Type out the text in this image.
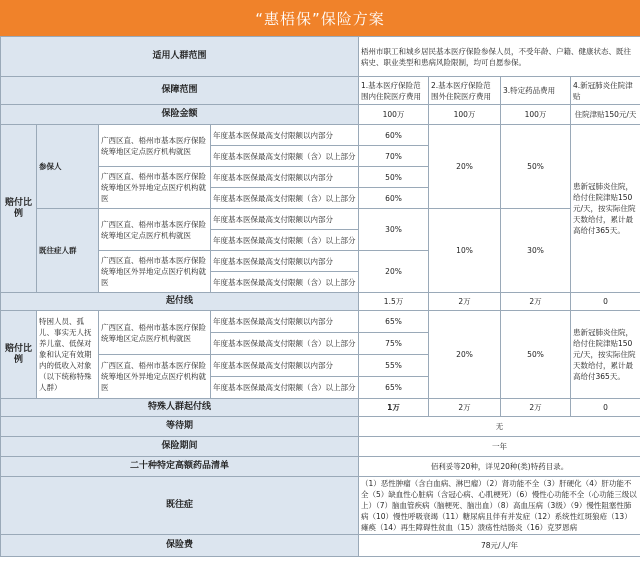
“惠梧保”保险方案
适用人群范围				梧州市职工和城乡居民基本医疗保险参保人员，不受年龄、户籍、健康状态、既往病史、职业类型和患病风险限制，均可自愿参保。			
保障范围				1.基本医疗保险范围内住院医疗费用	2.基本医疗保险范围外住院医疗费用	3.特定药品费用	4.新冠肺炎住院津贴
保险金额				100万	100万	100万	住院津贴150元/天
赔付比例	参保人	广西区直、梧州市基本医疗保险统筹地区定点医疗机构就医	年度基本医保最高支付限额以内部分	60%	20%	50%	患新冠肺炎住院，给付住院津贴150元/天，按实际住院天数给付，累计最高给付365天。
			年度基本医保最高支付限额（含）以上部分	70%			
		广西区直、梧州市基本医疗保险统筹地区外异地定点医疗机构就医	年度基本医保最高支付限额以内部分	50%			
			年度基本医保最高支付限额（含）以上部分	60%			
	既往症人群	广西区直、梧州市基本医疗保险统筹地区定点医疗机构就医	年度基本医保最高支付限额以内部分	30%	10%	30%	
			年度基本医保最高支付限额（含）以上部分				
		广西区直、梧州市基本医疗保险统筹地区外异地定点医疗机构就医	年度基本医保最高支付限额以内部分	20%			
			年度基本医保最高支付限额（含）以上部分				
起付线				1.5万	2万	2万	0
赔付比例	特困人员、孤儿、事实无人抚养儿童、低保对象和认定有效期内的低收入对象（以下统称特殊人群）	广西区直、梧州市基本医疗保险统筹地区定点医疗机构就医	年度基本医保最高支付限额以内部分	65%	20%	50%	患新冠肺炎住院，给付住院津贴150元/天，按实际住院天数给付，累计最高给付365天。
			年度基本医保最高支付限额（含）以上部分	75%			
		广西区直、梧州市基本医疗保险统筹地区外异地定点医疗机构就医	年度基本医保最高支付限额以内部分	55%			
			年度基本医保最高支付限额（含）以上部分	65%			
特殊人群起付线				1万	2万	2万	0
等待期				无			
保险期间				一年			
二十种特定高额药品清单				佰利妥等20种，详见20种(类)特药目录。			
既往症				（1）恶性肿瘤（含白血病、淋巴瘤）（2）肾功能不全（3）肝硬化（4）肝功能不全（5）缺血性心脏病（含冠心病、心肌梗死）（6）慢性心功能不全（心功能三级以上）（7）脑血管疾病（脑梗死、脑出血）（8）高血压病（3级）（9）慢性阻塞性肺病（10）慢性呼吸衰竭（11）糖尿病且伴有并发症（12）系统性红斑狼疮（13）瘫痪（14）再生障碍性贫血（15）溃疡性结肠炎（16）克罗恩病			
保险费				78元/人/年			
